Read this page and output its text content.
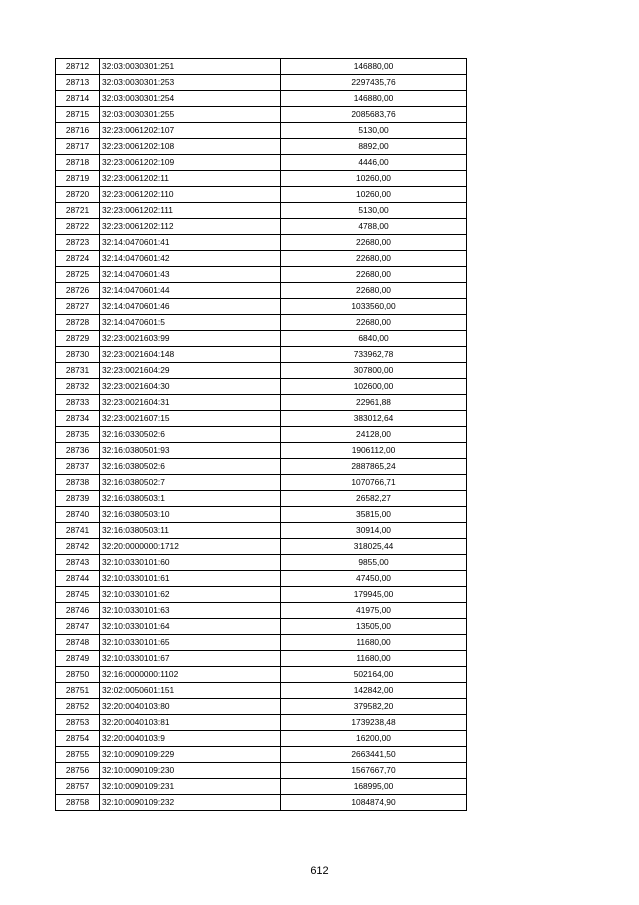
28712	32:03:0030301:251	146880,00
28713	32:03:0030301:253	2297435,76
28714	32:03:0030301:254	146880,00
28715	32:03:0030301:255	2085683,76
28716	32:23:0061202:107	5130,00
28717	32:23:0061202:108	8892,00
28718	32:23:0061202:109	4446,00
28719	32:23:0061202:11	10260,00
28720	32:23:0061202:110	10260,00
28721	32:23:0061202:111	5130,00
28722	32:23:0061202:112	4788,00
28723	32:14:0470601:41	22680,00
28724	32:14:0470601:42	22680,00
28725	32:14:0470601:43	22680,00
28726	32:14:0470601:44	22680,00
28727	32:14:0470601:46	1033560,00
28728	32:14:0470601:5	22680,00
28729	32:23:0021603:99	6840,00
28730	32:23:0021604:148	733962,78
28731	32:23:0021604:29	307800,00
28732	32:23:0021604:30	102600,00
28733	32:23:0021604:31	22961,88
28734	32:23:0021607:15	383012,64
28735	32:16:0330502:6	24128,00
28736	32:16:0380501:93	1906112,00
28737	32:16:0380502:6	2887865,24
28738	32:16:0380502:7	1070766,71
28739	32:16:0380503:1	26582,27
28740	32:16:0380503:10	35815,00
28741	32:16:0380503:11	30914,00
28742	32:20:0000000:1712	318025,44
28743	32:10:0330101:60	9855,00
28744	32:10:0330101:61	47450,00
28745	32:10:0330101:62	179945,00
28746	32:10:0330101:63	41975,00
28747	32:10:0330101:64	13505,00
28748	32:10:0330101:65	11680,00
28749	32:10:0330101:67	11680,00
28750	32:16:0000000:1102	502164,00
28751	32:02:0050601:151	142842,00
28752	32:20:0040103:80	379582,20
28753	32:20:0040103:81	1739238,48
28754	32:20:0040103:9	16200,00
28755	32:10:0090109:229	2663441,50
28756	32:10:0090109:230	1567667,70
28757	32:10:0090109:231	168995,00
28758	32:10:0090109:232	1084874,90
612
